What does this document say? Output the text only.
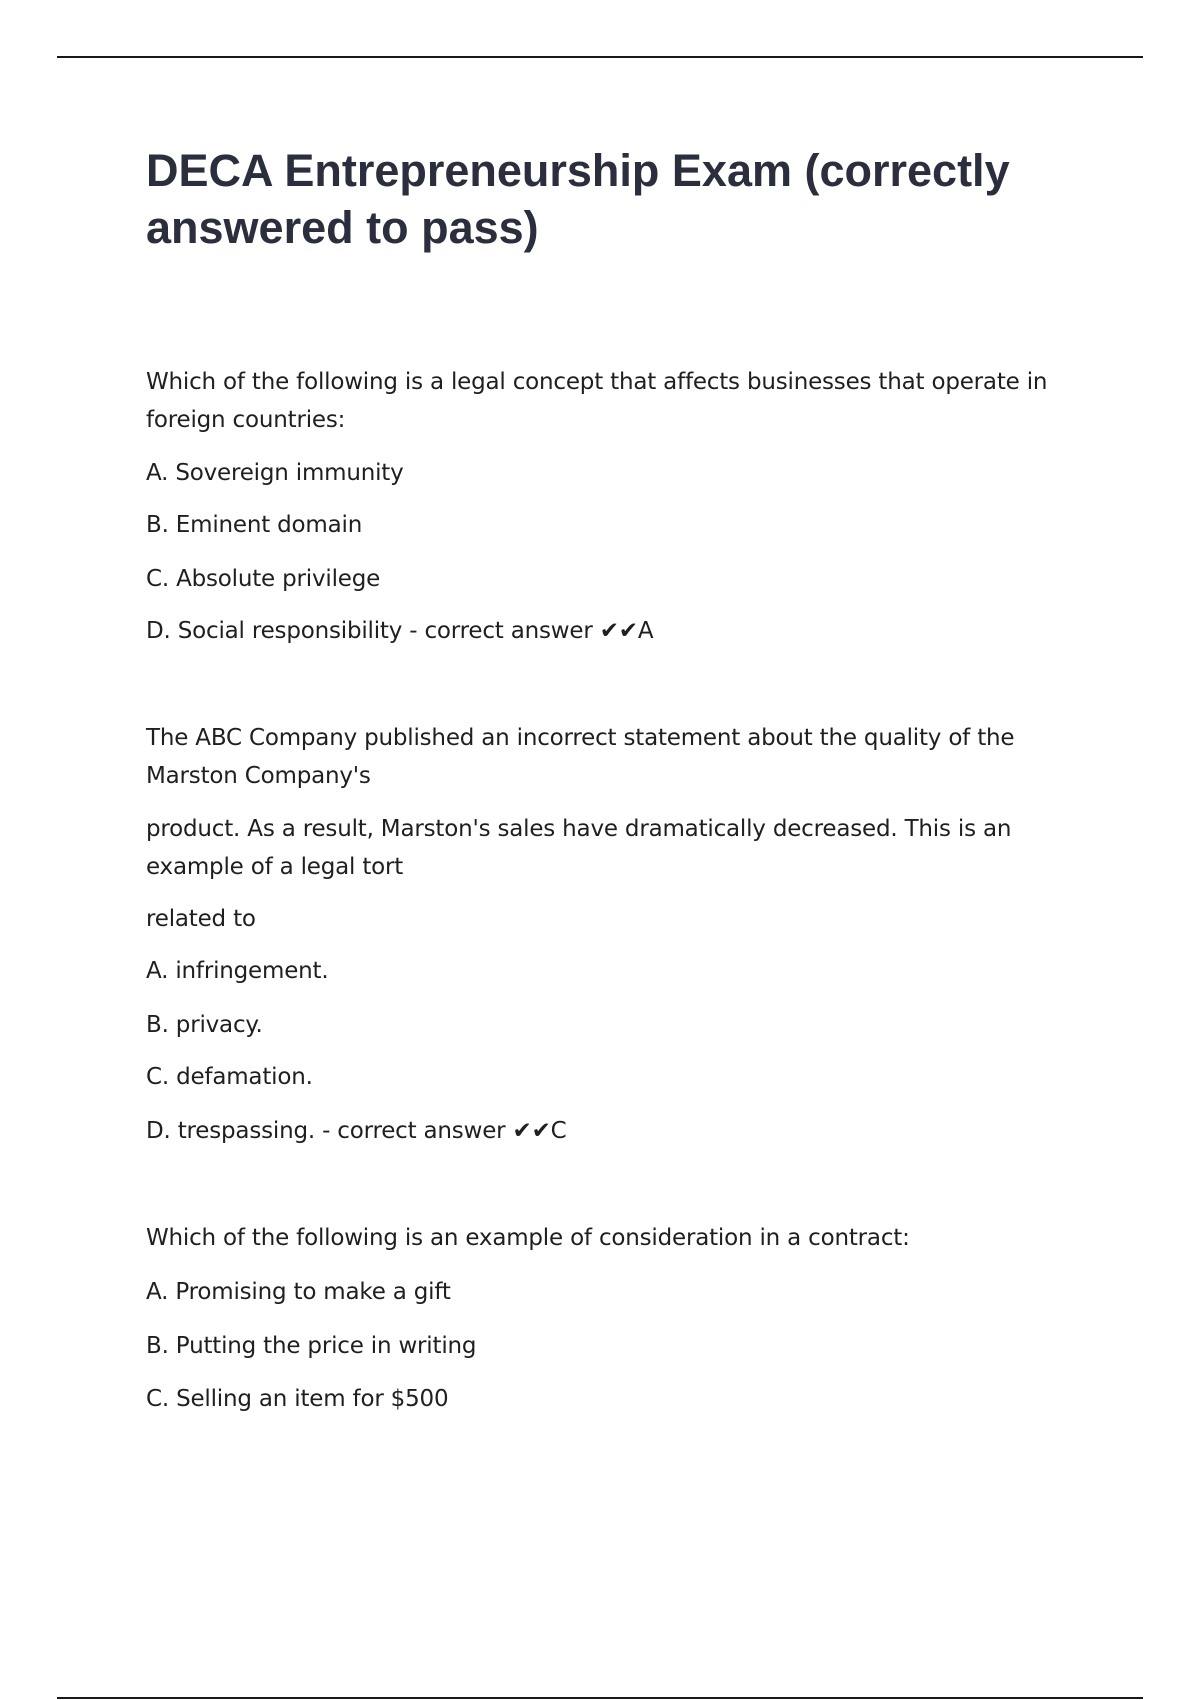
DECA Entrepreneurship Exam (correctly answered to pass)

Which of the following is a legal concept that affects businesses that operate in foreign countries:

A. Sovereign immunity

B. Eminent domain

C. Absolute privilege

D. Social responsibility - correct answer ✔✔A

The ABC Company published an incorrect statement about the quality of the Marston Company's

product. As a result, Marston's sales have dramatically decreased. This is an example of a legal tort

related to

A. infringement.

B. privacy.

C. defamation.

D. trespassing. - correct answer ✔✔C

Which of the following is an example of consideration in a contract:

A. Promising to make a gift

B. Putting the price in writing

C. Selling an item for $500
